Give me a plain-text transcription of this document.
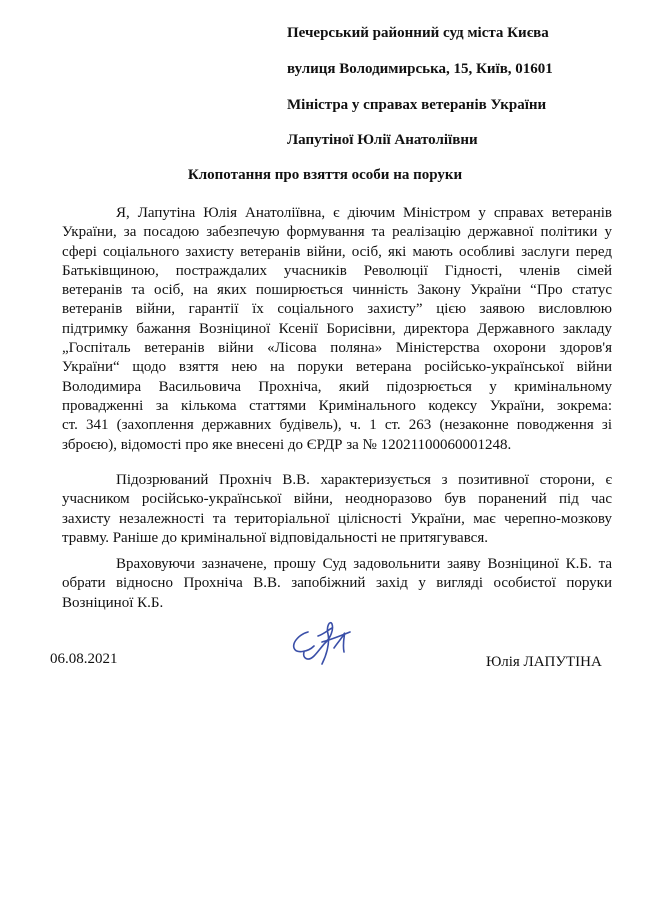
Печерський районний суд міста Києва
вулиця Володимирська, 15, Київ, 01601
Міністра у справах ветеранів України
Лапутіної Юлії Анатоліївни
Клопотання про взяття особи на поруки
Я, Лапутіна Юлія Анатоліївна, є діючим Міністром у справах ветеранів
України, за посадою забезпечую формування та реалізацію державної політики у
сфері соціального захисту ветеранів війни, осіб, які мають особливі заслуги перед
Батьківщиною, постраждалих учасників Революції Гідності, членів сімей
ветеранів та осіб, на яких поширюється чинність Закону України “Про статус
ветеранів війни, гарантії їх соціального захисту” цією заявою висловлюю
підтримку бажання Возніциної Ксенії Борисівни, директора Державного закладу
„Госпіталь ветеранів війни «Лісова поляна» Міністерства охорони здоров'я
України“ щодо взяття нею на поруки ветерана російсько-української війни
Володимира Васильовича Прохніча, який підозрюється у кримінальному
провадженні за кількома статтями Кримінального кодексу України, зокрема:
ст. 341 (захоплення державних будівель), ч. 1 ст. 263 (незаконне поводження зі
зброєю), відомості про яке внесені до ЄРДР за № 12021100060001248.
Підозрюваний Прохніч В.В. характеризується з позитивної сторони, є
учасником російсько-української війни, неодноразово був поранений під час
захисту незалежності та територіальної цілісності України, має черепно-мозкову
травму. Раніше до кримінальної відповідальності не притягувався.
Враховуючи зазначене, прошу Суд задовольнити заяву Возніциної К.Б. та
обрати відносно Прохніча В.В. запобіжний захід у вигляді особистої поруки
Возніциної К.Б.
06.08.2021	Юлія ЛАПУТІНА
